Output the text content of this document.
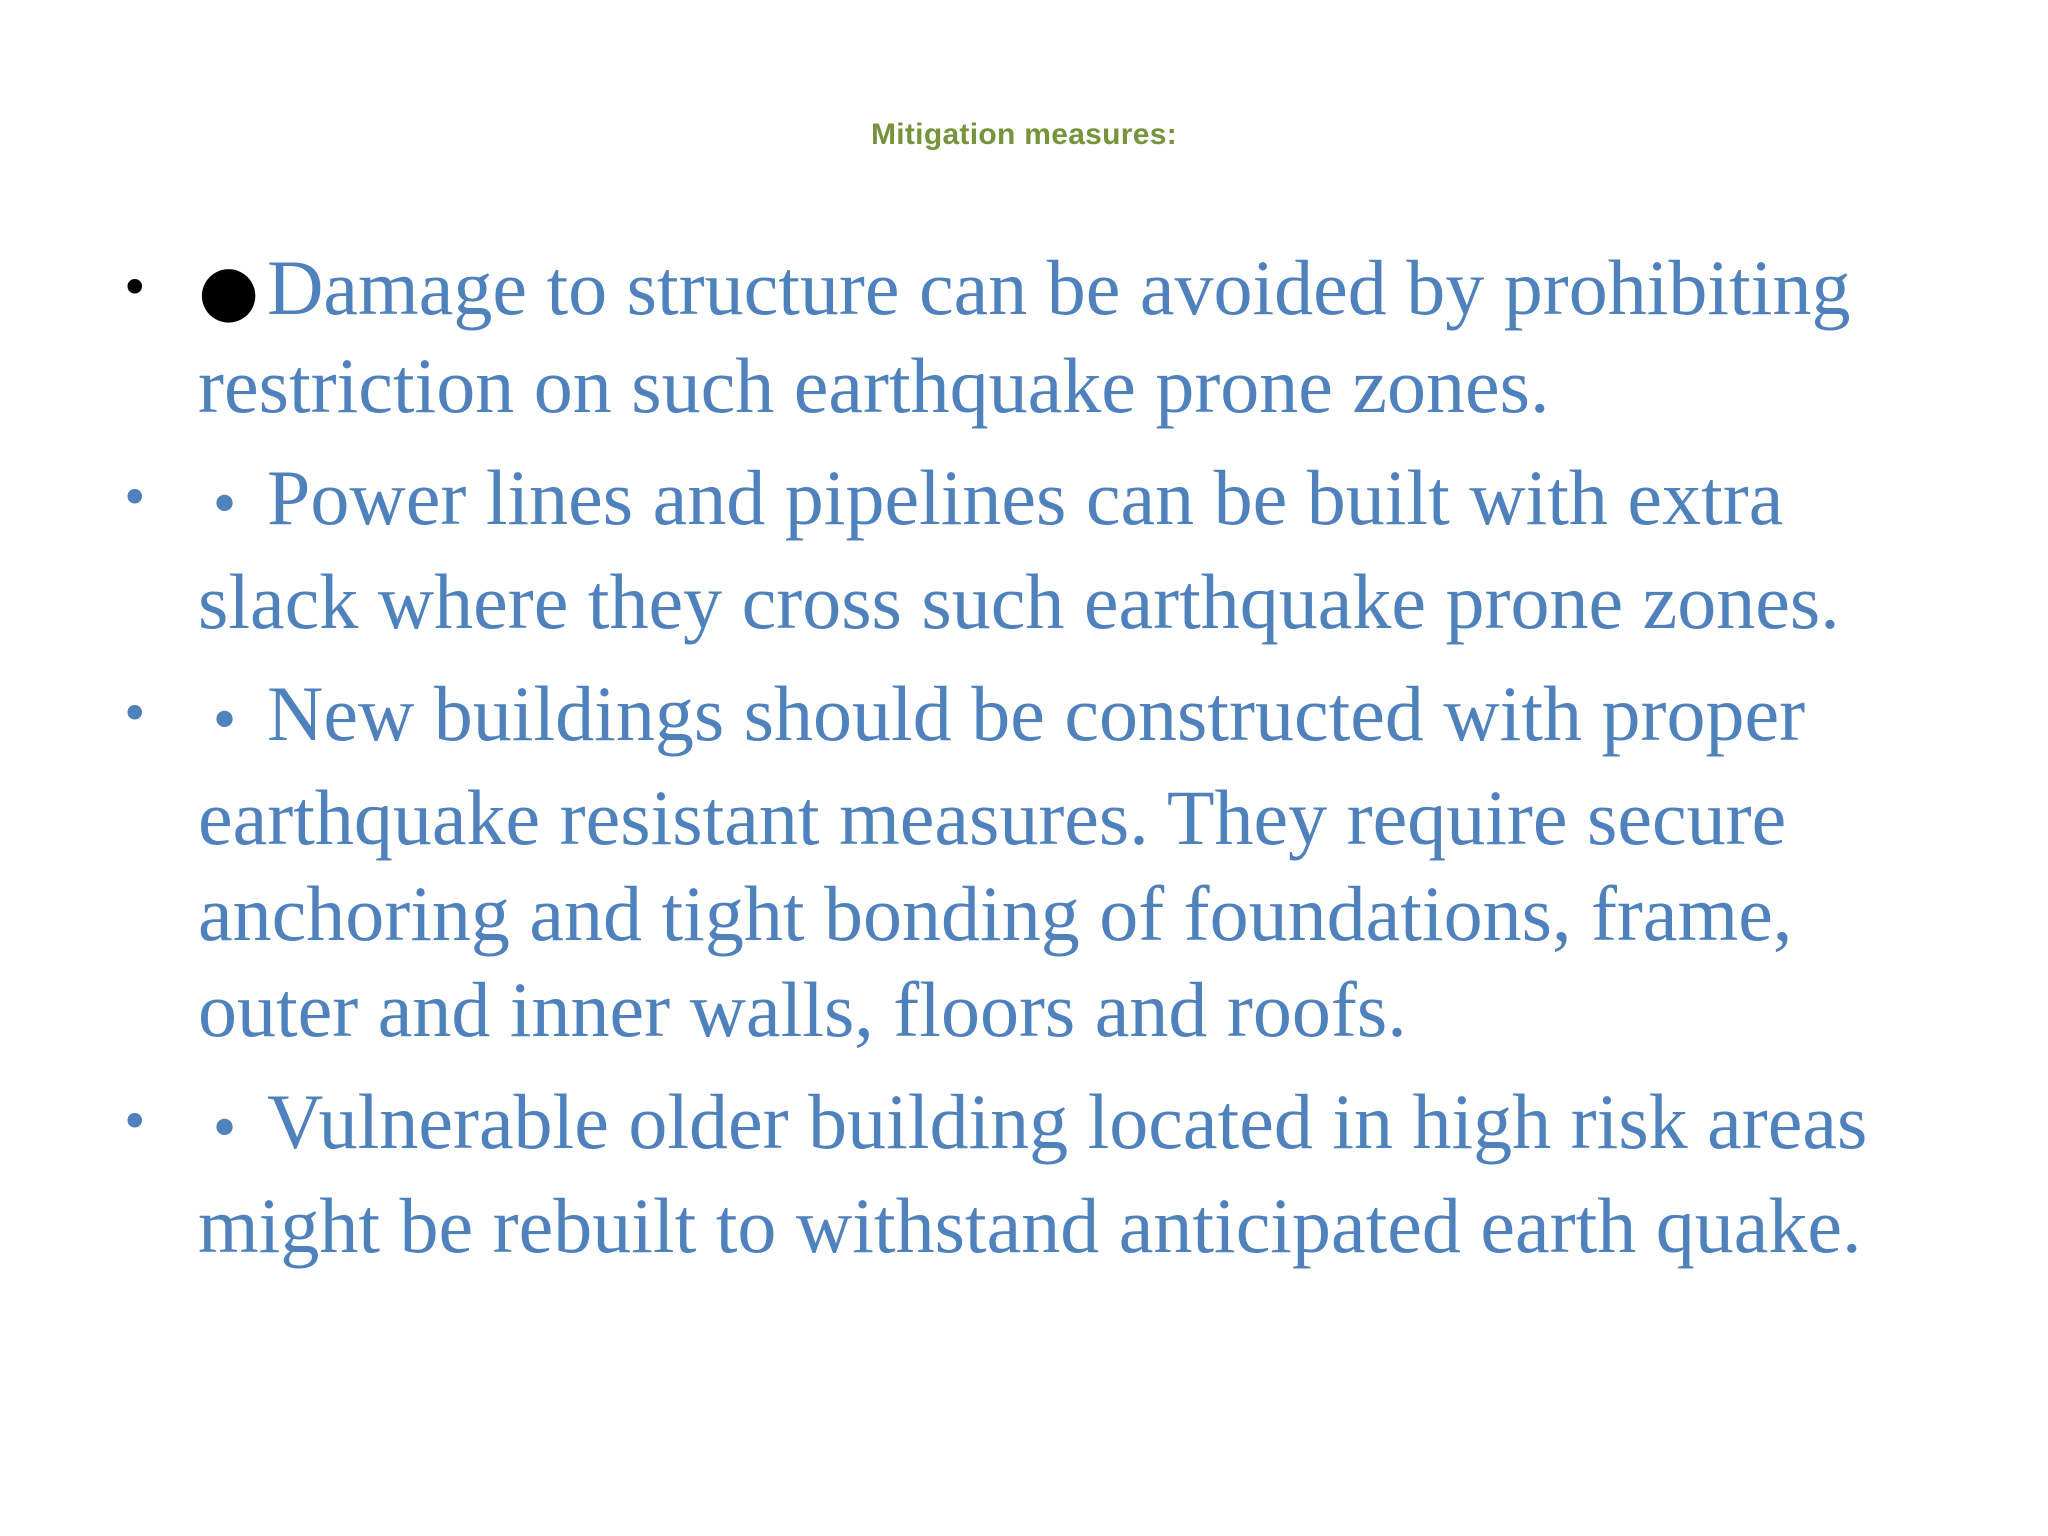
Mitigation measures:
• ● Damage to structure can be avoided by prohibiting restriction on such earthquake prone zones.
•	• Power lines and pipelines can be built with extra slack where they cross such earthquake prone zones.
•	• New buildings should be constructed with proper earthquake resistant measures. They require secure anchoring and tight bonding of foundations, frame, outer and inner walls, floors and roofs.
•	• Vulnerable older building located in high risk areas might be rebuilt to withstand anticipated earth quake.
